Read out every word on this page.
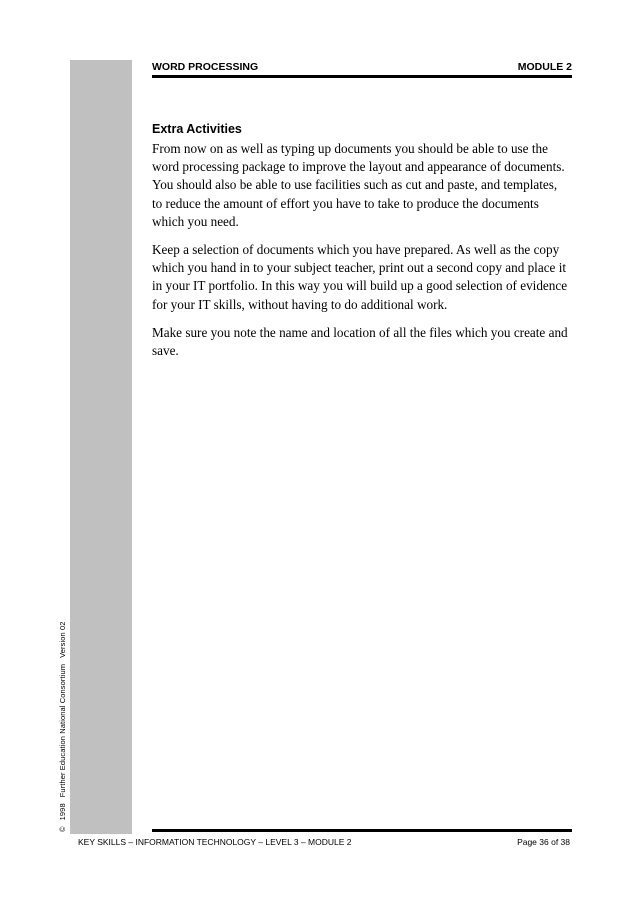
©1998Further Education National ConsortiumVersion 02
WORD PROCESSING	MODULE 2
Extra Activities

From now on as well as typing up documents you should be able to use the word processing package to improve the layout and appearance of documents. You should also be able to use facilities such as cut and paste, and templates, to reduce the amount of effort you have to take to produce the documents which you need.

Keep a selection of documents which you have prepared. As well as the copy which you hand in to your subject teacher, print out a second copy and place it in your IT portfolio. In this way you will build up a good selection of evidence for your IT skills, without having to do additional work.

Make sure you note the name and location of all the files which you create and save.

KEY SKILLS – INFORMATION TECHNOLOGY – LEVEL 3 – MODULE 2	Page 36 of 38
